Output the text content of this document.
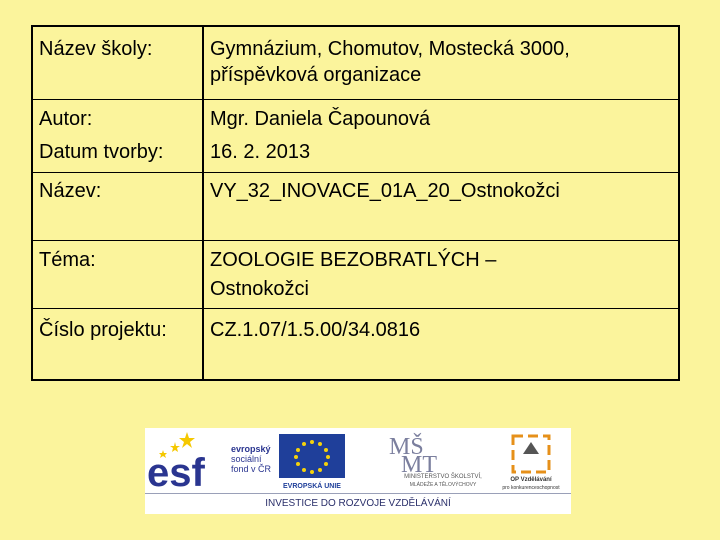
Název školy:	Gymnázium, Chomutov, Mostecká 3000,
příspěvková organizace
Autor:	Mgr. Daniela Čapounová
Datum tvorby: 16. 2. 2013
Název:	VY_32_INOVACE_01A_20_Ostnokožci
Téma:	ZOOLOGIE BEZOBRATLÝCH –
Ostnokožci
Číslo projektu: CZ.1.07/1.5.00/34.0816
esf
evropský
sociální
fond v ČR
EVROPSKÁ UNIE
MŠ
MT
MINISTERSTVO ŠKOLSTVÍ,
MLÁDEŽE A TĚLOVÝCHOVY
OP Vzdělávání
pro konkurenceschopnost
INVESTICE DO ROZVOJE VZDĚLÁVÁNÍ
